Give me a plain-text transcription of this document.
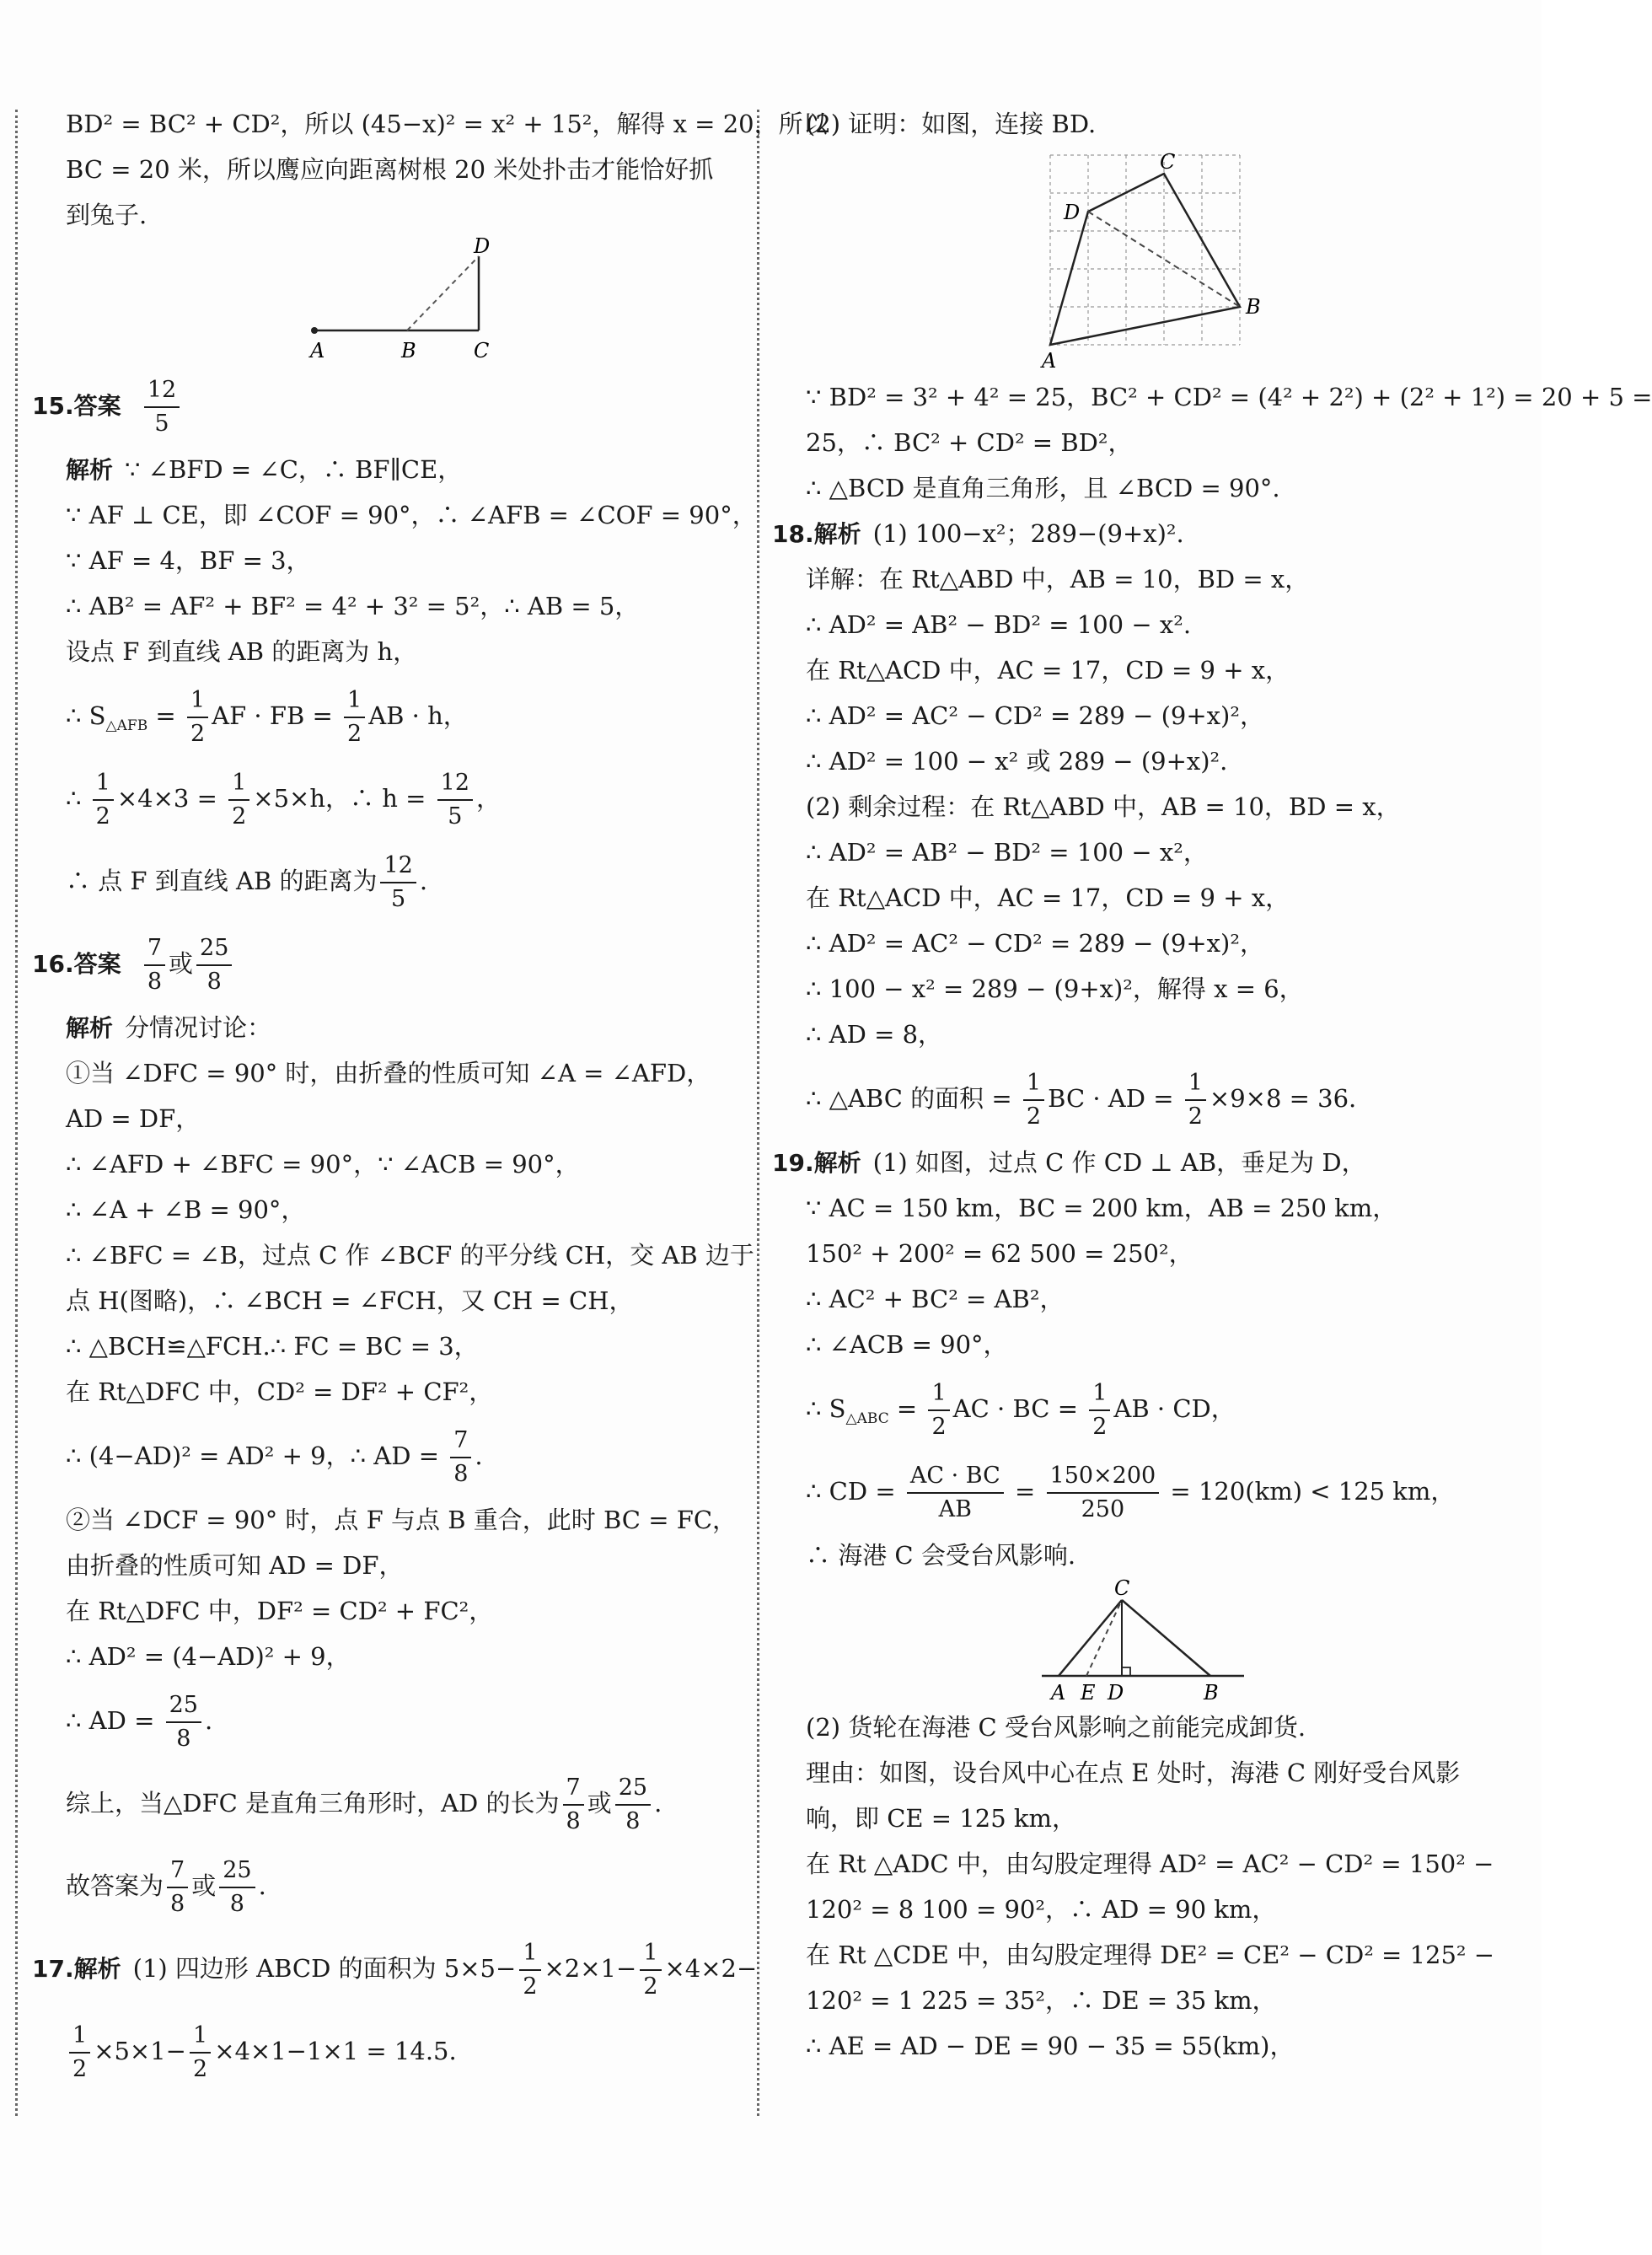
BD² = BC² + CD²，所以 (45−x)² = x² + 15²，解得 x = 20，所以
BC = 20 米，所以鹰应向距离树根 20 米处扑击才能恰好抓
到兔子.
A	B	C
D
15.答案 $\frac{12}{5}$
解析 ∵ ∠BFD = ∠C，∴ BF∥CE，
∵ AF ⊥ CE，即 ∠COF = 90°，∴ ∠AFB = ∠COF = 90°，
∵ AF = 4，BF = 3，
∴ AB² = AF² + BF² = 4² + 3² = 5²，∴ AB = 5，
设点 F 到直线 AB 的距离为 h，
∴ $S_{\triangle AFB} = \frac{1}{2}$ AF · FB = $\frac{1}{2}$ AB · h，
∴ $\frac{1}{2} \times 4\times 3 = \frac{1}{2} \times 5\times h$，∴ $h = \frac{12}{5}$ ，
∴ 点 F 到直线 AB 的距离为 $\frac{12}{5}$ .
16.答案 $\frac{7}{8}$ 或 $\frac{25}{8}$
解析 分情况讨论：
①当 ∠DFC = 90° 时，由折叠的性质可知 ∠A = ∠AFD，
AD = DF，
∴ ∠AFD + ∠BFC = 90°，∵ ∠ACB = 90°，
∴ ∠A + ∠B = 90°，
∴ ∠BFC = ∠B，过点 C 作 ∠BCF 的平分线 CH，交 AB 边于
点 H(图略)，∴ ∠BCH = ∠FCH，又 CH = CH，
∴ △BCH≌△FCH.∴ FC = BC = 3，
在 Rt△DFC 中，CD² = DF² + CF²，
∴ (4−AD)² = AD² + 9，∴ AD = $\frac{7}{8}$ .
②当 ∠DCF = 90° 时，点 F 与点 B 重合，此时 BC = FC，
由折叠的性质可知 AD = DF，
在 Rt△DFC 中，DF² = CD² + FC²，
∴ AD² = (4−AD)² + 9，
∴ AD = $\frac{25}{8}$ .
综上，当△DFC 是直角三角形时，AD 的长为 $\frac{7}{8}$ 或 $\frac{25}{8}$ .
故答案为 $\frac{7}{8}$ 或 $\frac{25}{8}$ .
17.解析 (1) 四边形 ABCD 的面积为 $5\times 5- \frac{1}{2} \times 2\times 1- \frac{1}{2} \times 4\times 2-$
$\frac{1}{2} \times 5\times 1- \frac{1}{2} \times 4\times 1-1\times 1 = 14.5$.
(2) 证明：如图，连接 BD.
A
B
C
D
∵ BD² = 3² + 4² = 25，BC² + CD² = (4² + 2²) + (2² + 1²) = 20 + 5 =
25，∴ BC² + CD² = BD²，
∴ △BCD 是直角三角形，且 ∠BCD = 90°.
18.解析 (1) 100−x²；289−(9+x)².
详解：在 Rt△ABD 中，AB = 10，BD = x，
∴ AD² = AB² − BD² = 100 − x².
在 Rt△ACD 中，AC = 17，CD = 9 + x，
∴ AD² = AC² − CD² = 289 − (9+x)²，
∴ AD² = 100 − x² 或 289 − (9+x)².
(2) 剩余过程：在 Rt△ABD 中，AB = 10，BD = x，
∴ AD² = AB² − BD² = 100 − x²，
在 Rt△ACD 中，AC = 17，CD = 9 + x，
∴ AD² = AC² − CD² = 289 − (9+x)²，
∴ 100 − x² = 289 − (9+x)²，解得 x = 6，
∴ AD = 8，
∴ △ABC 的面积 = $\frac{1}{2}$ BC · AD = $\frac{1}{2} \times 9\times 8 = 36$.
19.解析 (1) 如图，过点 C 作 CD ⊥ AB，垂足为 D，
∵ AC = 150 km，BC = 200 km，AB = 250 km，
150² + 200² = 62 500 = 250²，
∴ AC² + BC² = AB²，
∴ ∠ACB = 90°，
∴ $S_{\triangle ABC} = \frac{1}{2}$ AC · BC = $\frac{1}{2}$ AB · CD，
∴ CD = $\frac{AC \cdot BC}{AB} = \frac{150\times 200}{250} = 120(km) < 125$ km，
∴ 海港 C 会受台风影响.
C
A E D	B
(2) 货轮在海港 C 受台风影响之前能完成卸货.
理由：如图，设台风中心在点 E 处时，海港 C 刚好受台风影
响，即 CE = 125 km，
在 Rt △ADC 中，由勾股定理得 AD² = AC² − CD² = 150² −
120² = 8 100 = 90²，∴ AD = 90 km，
在 Rt △CDE 中，由勾股定理得 DE² = CE² − CD² = 125² −
120² = 1 225 = 35²，∴ DE = 35 km，
∴ AE = AD − DE = 90 − 35 = 55(km)，
